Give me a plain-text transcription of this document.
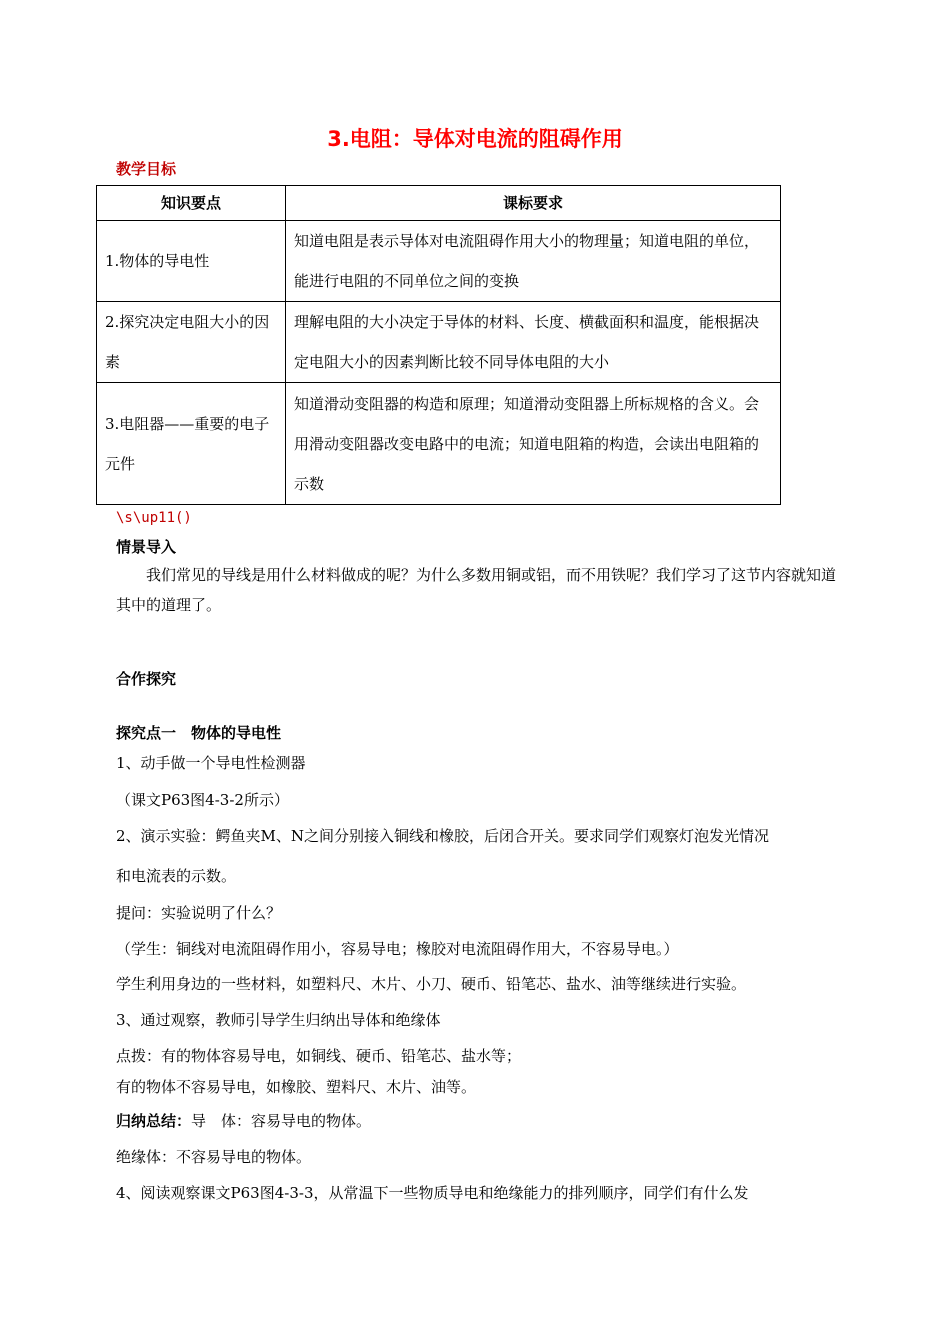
3.电阻：导体对电流的阻碍作用
教学目标
知识要点	课标要求
1.物体的导电性	知道电阻是表示导体对电流阻碍作用大小的物理量；知道电阻的单位，能进行电阻的不同单位之间的变换
2.探究决定电阻大小的因素	理解电阻的大小决定于导体的材料、长度、横截面积和温度，能根据决定电阻大小的因素判断比较不同导体电阻的大小
3.电阻器——重要的电子元件	知道滑动变阻器的构造和原理；知道滑动变阻器上所标规格的含义。会用滑动变阻器改变电路中的电流；知道电阻箱的构造，会读出电阻箱的示数
\s\up11()
情景导入
我们常见的导线是用什么材料做成的呢？为什么多数用铜或铝，而不用铁呢？我们学习了这节内容就知道其中的道理了。
合作探究
探究点一　物体的导电性
1、动手做一个导电性检测器
（课文P63图4-3-2所示）
2、演示实验：鳄鱼夹M、N之间分别接入铜线和橡胶，后闭合开关。要求同学们观察灯泡发光情况
和电流表的示数。
提问：实验说明了什么？
（学生：铜线对电流阻碍作用小，容易导电；橡胶对电流阻碍作用大，不容易导电。）
学生利用身边的一些材料，如塑料尺、木片、小刀、硬币、铅笔芯、盐水、油等继续进行实验。
3、通过观察，教师引导学生归纳出导体和绝缘体
点拨：有的物体容易导电，如铜线、硬币、铅笔芯、盐水等；
有的物体不容易导电，如橡胶、塑料尺、木片、油等。
归纳总结：导　体：容易导电的物体。
绝缘体：不容易导电的物体。
4、阅读观察课文P63图4-3-3，从常温下一些物质导电和绝缘能力的排列顺序，同学们有什么发
